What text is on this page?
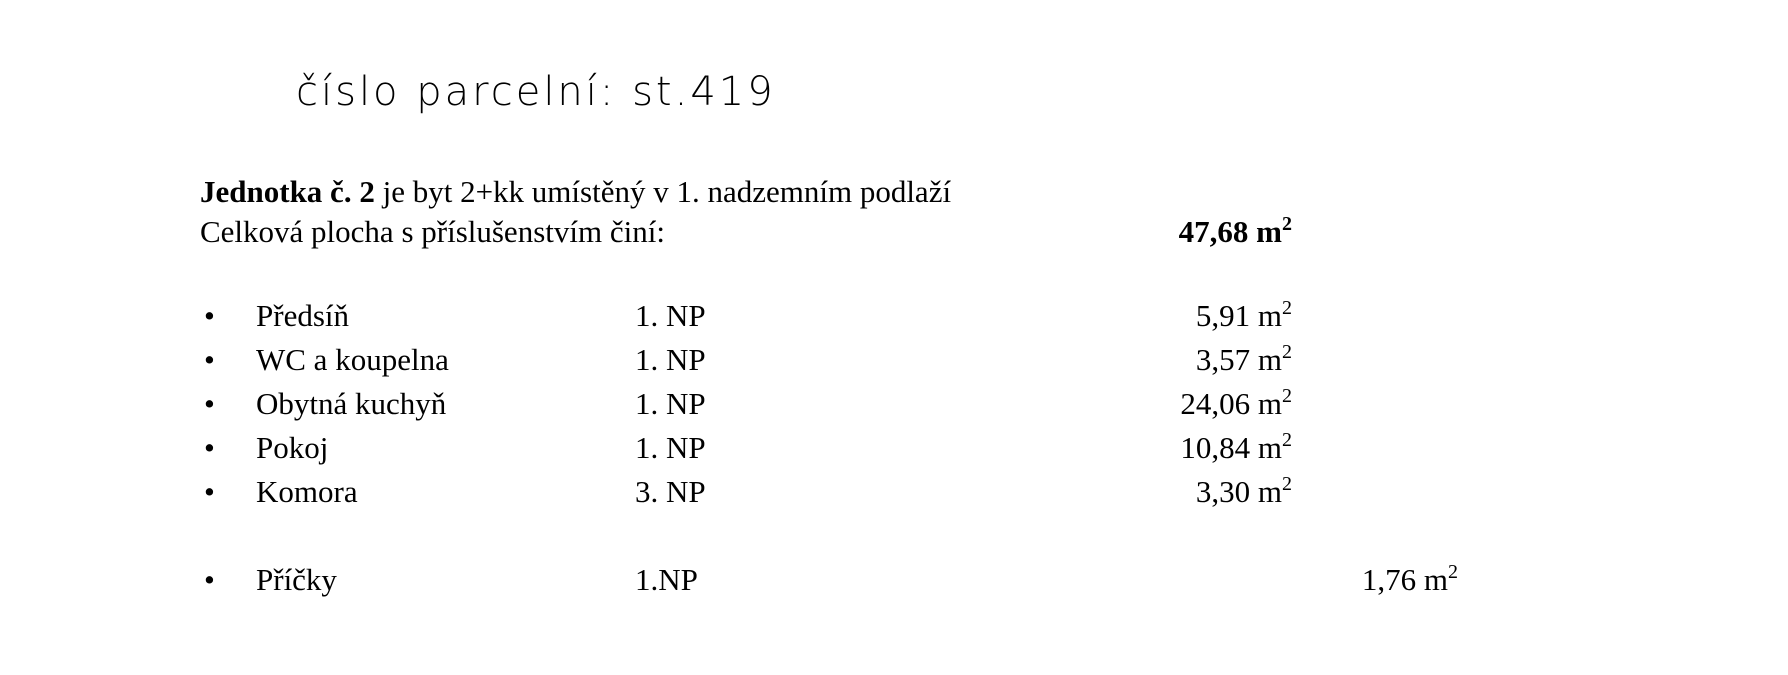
číslo parcelní: st.419
Jednotka č. 2 je byt 2+kk umístěný v 1. nadzemním podlaží
Celková plocha s příslušenstvím činí:	47,68 $m^2$
• Předsíň	1. NP	5,91 $m^2$
• WC a koupelna	1. NP	3,57 $m^2$
• Obytná kuchyň	1. NP	24,06 $m^2$
• Pokoj	1. NP	10,84 $m^2$
• Komora	3. NP	3,30 $m^2$
• Příčky	1.NP	1,76 $m^2$
